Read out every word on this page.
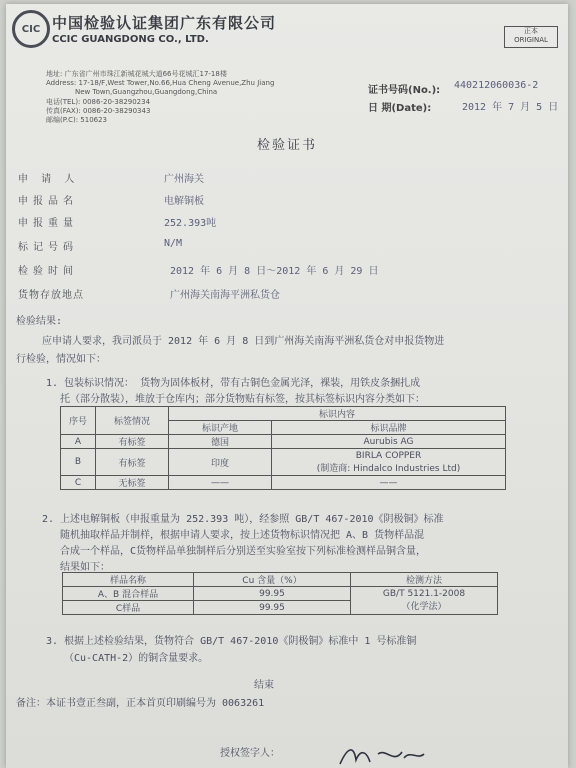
CIC 中国检验认证集团广东有限公司
CCIC GUANGDONG CO., LTD.
正本
ORIGINAL
地址: 广东省广州市珠江新城花城大道66号花城汇17-18楼
Address: 17-18/F,West Tower,No.66,Hua Cheng Avenue,Zhu Jiang
New Town,Guangzhou,Guangdong,China
电话(TEL): 0086-20-38290234
传真(FAX): 0086-20-38290343
邮编(P.C): 510623
证书号码(No.): 440212060036-2
日 期(Date):	2012 年 7 月 5 日
检验证书
申 请 人	广州海关
申报品名	电解铜板
申报重量	252.393吨
标记号码	N/M
检验时间	2012 年 6 月 8 日～2012 年 6 月 29 日
货物存放地点	广州海关南海平洲私货仓
检验结果:
应申请人要求，我司派员于 2012 年 6 月 8 日到广州海关南海平洲私货仓对申报货物进
行检验，情况如下：
1. 包装标识情况： 货物为固体板材，带有古铜色金属光泽，裸装，用铁皮条捆扎成
托（部分散装），堆放于仓库内；部分货物贴有标签，按其标签标识内容分类如下：
序号	标签情况	标识内容	
		标识产地	标识品牌
A	有标签	德国	Aurubis AG
B	有标签	印度	BIRLA COPPER
(制造商: Hindalco Industries Ltd)

C	无标签	——	——
2. 上述电解铜板（申报重量为 252.393 吨），经参照 GB/T 467-2010《阴极铜》标准
随机抽取样品并制样，根据申请人要求，按上述货物标识情况把 A、B 货物样品混
合成一个样品，C货物样品单独制样后分别送至实验室按下列标准检测样品铜含量，
结果如下：
样品名称	Cu 含量（%）	检测方法
A、B 混合样品	99.95	GB/T 5121.1-2008
（化学法）

C样品	99.95	
3. 根据上述检验结果，货物符合 GB/T 467-2010《阴极铜》标准中 1 号标准铜
（Cu-CATH-2）的铜含量要求。
结束
备注：本证书壹正叁副，正本首页印刷编号为 0063261
授权签字人：
